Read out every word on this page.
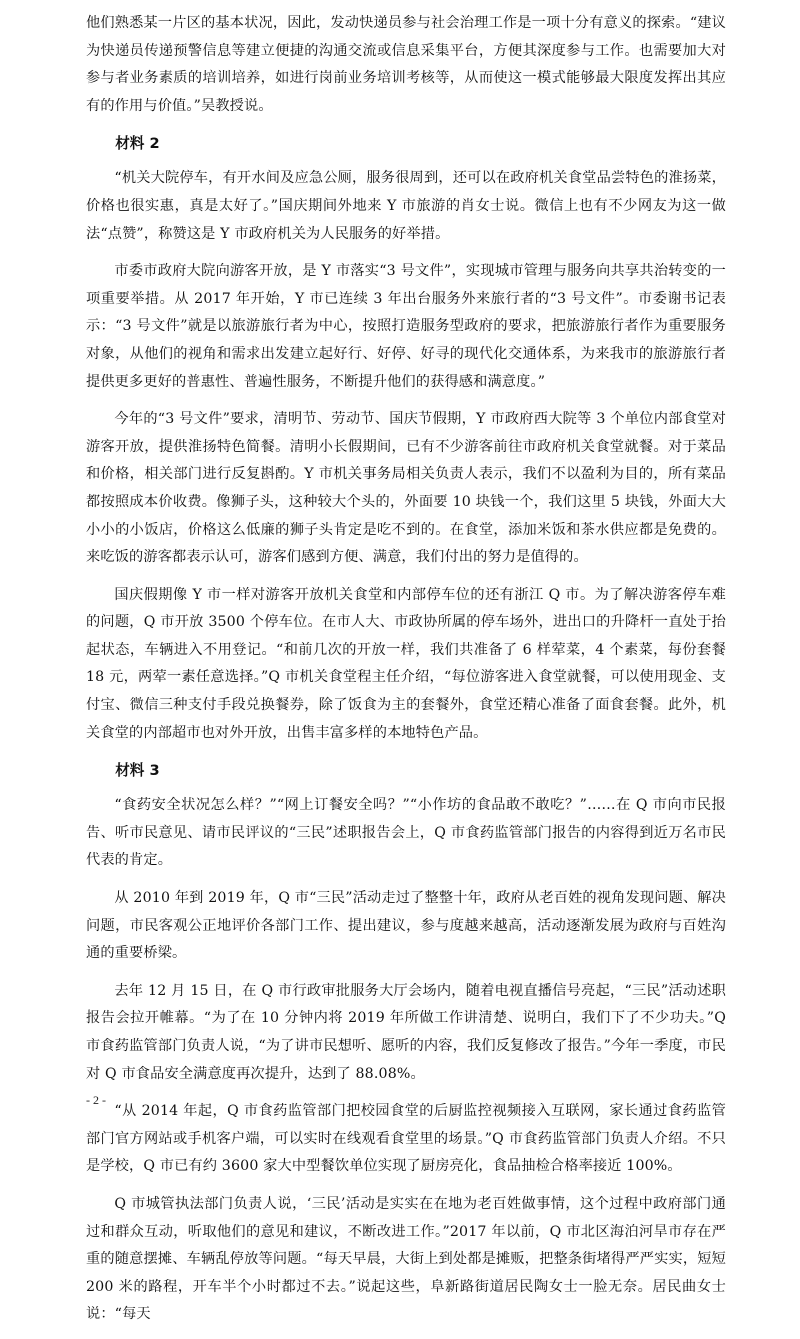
他们熟悉某一片区的基本状况，因此，发动快递员参与社会治理工作是一项十分有意义的探索。“建议为快递员传递预警信息等建立便捷的沟通交流或信息采集平台，方便其深度参与工作。也需要加大对参与者业务素质的培训培养，如进行岗前业务培训考核等，从而使这一模式能够最大限度发挥出其应有的作用与价值。”吴教授说。

材料 2

“机关大院停车，有开水间及应急公厕，服务很周到，还可以在政府机关食堂品尝特色的淮扬菜，价格也很实惠，真是太好了。”国庆期间外地来 Y 市旅游的肖女士说。微信上也有不少网友为这一做法“点赞”，称赞这是 Y 市政府机关为人民服务的好举措。

市委市政府大院向游客开放，是 Y 市落实“3 号文件”，实现城市管理与服务向共享共治转变的一项重要举措。从 2017 年开始，Y 市已连续 3 年出台服务外来旅行者的“3 号文件”。市委谢书记表示：“3 号文件”就是以旅游旅行者为中心，按照打造服务型政府的要求，把旅游旅行者作为重要服务对象，从他们的视角和需求出发建立起好行、好停、好寻的现代化交通体系，为来我市的旅游旅行者提供更多更好的普惠性、普遍性服务，不断提升他们的获得感和满意度。”

今年的“3 号文件”要求，清明节、劳动节、国庆节假期，Y 市政府西大院等 3 个单位内部食堂对游客开放，提供淮扬特色简餐。清明小长假期间，已有不少游客前往市政府机关食堂就餐。对于菜品和价格，相关部门进行反复斟酌。Y 市机关事务局相关负责人表示，我们不以盈利为目的，所有菜品都按照成本价收费。像狮子头，这种较大个头的，外面要 10 块钱一个，我们这里 5 块钱，外面大大小小的小饭店，价格这么低廉的狮子头肯定是吃不到的。在食堂，添加米饭和茶水供应都是免费的。来吃饭的游客都表示认可，游客们感到方便、满意，我们付出的努力是值得的。

国庆假期像 Y 市一样对游客开放机关食堂和内部停车位的还有浙江 Q 市。为了解决游客停车难的问题，Q 市开放 3500 个停车位。在市人大、市政协所属的停车场外，进出口的升降杆一直处于抬起状态，车辆进入不用登记。“和前几次的开放一样，我们共准备了 6 样荤菜，4 个素菜，每份套餐 18 元，两荤一素任意选择。”Q 市机关食堂程主任介绍，“每位游客进入食堂就餐，可以使用现金、支付宝、微信三种支付手段兑换餐券，除了饭食为主的套餐外，食堂还精心准备了面食套餐。此外，机关食堂的内部超市也对外开放，出售丰富多样的本地特色产品。

材料 3

“食药安全状况怎么样？”“网上订餐安全吗？”“小作坊的食品敢不敢吃？”……在 Q 市向市民报告、听市民意见、请市民评议的“三民”述职报告会上，Q 市食药监管部门报告的内容得到近万名市民代表的肯定。

从 2010 年到 2019 年，Q 市“三民”活动走过了整整十年，政府从老百姓的视角发现问题、解决问题，市民客观公正地评价各部门工作、提出建议，参与度越来越高，活动逐渐发展为政府与百姓沟通的重要桥梁。

去年 12 月 15 日，在 Q 市行政审批服务大厅会场内，随着电视直播信号亮起，“三民”活动述职报告会拉开帷幕。“为了在 10 分钟内将 2019 年所做工作讲清楚、说明白，我们下了不少功夫。”Q 市食药监管部门负责人说，“为了讲市民想听、愿听的内容，我们反复修改了报告。”今年一季度，市民对 Q 市食品安全满意度再次提升，达到了 88.08%。

“从 2014 年起，Q 市食药监管部门把校园食堂的后厨监控视频接入互联网，家长通过食药监管部门官方网站或手机客户端，可以实时在线观看食堂里的场景。”Q 市食药监管部门负责人介绍。不只是学校，Q 市已有约 3600 家大中型餐饮单位实现了厨房亮化，食品抽检合格率接近 100%。

Q 市城管执法部门负责人说，‘三民’活动是实实在在地为老百姓做事情，这个过程中政府部门通过和群众互动，听取他们的意见和建议，不断改进工作。”2017 年以前，Q 市北区海泊河旱市存在严重的随意摆摊、车辆乱停放等问题。“每天早晨，大街上到处都是摊贩，把整条街堵得严严实实，短短 200 米的路程，开车半个小时都过不去。”说起这些，阜新路街道居民陶女士一脸无奈。居民曲女士说：“每天

- 2 -
